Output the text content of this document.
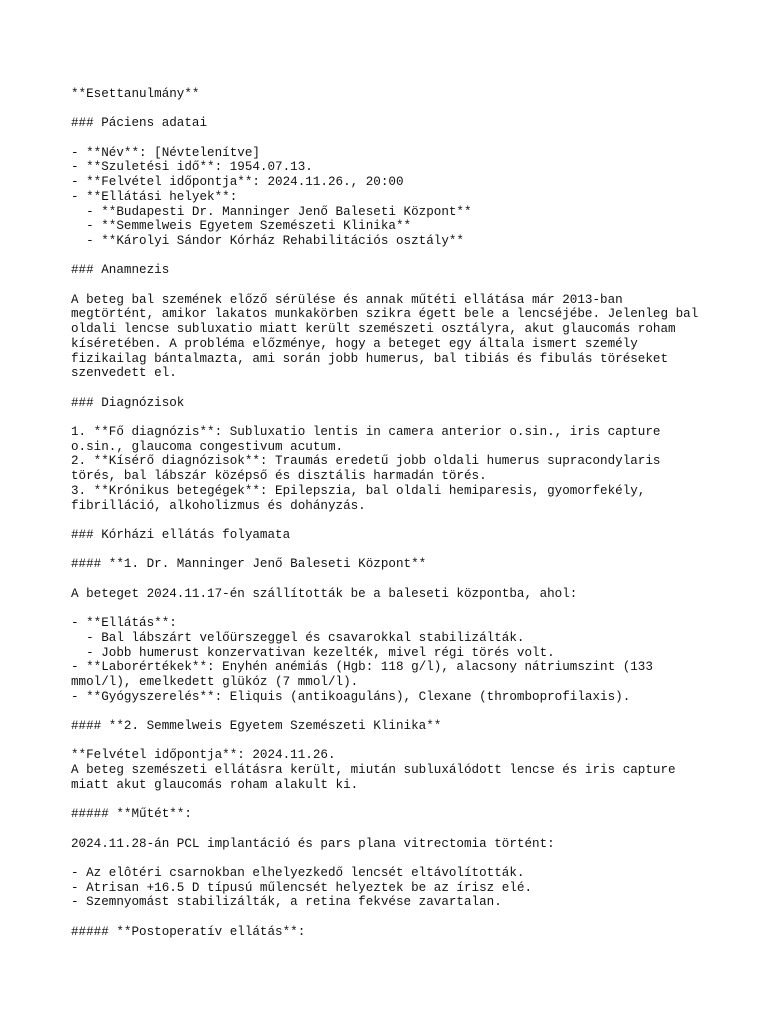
**Esettanulmány**
### Páciens adatai
- **Név**: [Névtelenítve]
- **Szuletési idő**: 1954.07.13.
- **Felvétel időpontja**: 2024.11.26., 20:00
- **Ellátási helyek**:
- **Budapesti Dr. Manninger Jenő Baleseti Központ**
- **Semmelweis Egyetem Szemészeti Klinika**
- **Károlyi Sándor Kórház Rehabilitációs osztály**
### Anamnezis
A beteg bal szemének előző sérülése és annak műtéti ellátása már 2013-ban
megtörtént, amikor lakatos munkakörben szikra égett bele a lencséjébe. Jelenleg bal
oldali lencse subluxatio miatt került szemészeti osztályra, akut glaucomás roham
kíséretében. A probléma előzménye, hogy a beteget egy általa ismert személy
fizikailag bántalmazta, ami során jobb humerus, bal tibiás és fibulás töréseket
szenvedett el.
### Diagnózisok
1. **Fő diagnózis**: Subluxatio lentis in camera anterior o.sin., iris capture
o.sin., glaucoma congestivum acutum.
2. **Kísérő diagnózisok**: Traumás eredetű jobb oldali humerus supracondylaris
törés, bal lábszár középső és disztális harmadán törés.
3. **Krónikus betegégek**: Epilepszia, bal oldali hemiparesis, gyomorfekély,
fibrilláció, alkoholizmus és dohányzás.
### Kórházi ellátás folyamata
#### **1. Dr. Manninger Jenő Baleseti Központ**
A beteget 2024.11.17-én szállították be a baleseti központba, ahol:
- **Ellátás**:
- Bal lábszárt velőürszeggel és csavarokkal stabilizálták.
- Jobb humerust konzervativan kezelték, mivel régi törés volt.
- **Laborértékek**: Enyhén anémiás (Hgb: 118 g/l), alacsony nátriumszint (133
mmol/l), emelkedett glükóz (7 mmol/l).
- **Gyógyszerelés**: Eliquis (antikoaguláns), Clexane (thromboprofilaxis).
#### **2. Semmelweis Egyetem Szemészeti Klinika**
**Felvétel időpontja**: 2024.11.26.
A beteg szemészeti ellátásra került, miután subluxálódott lencse és iris capture
miatt akut glaucomás roham alakult ki.
##### **Műtét**:
2024.11.28-án PCL implantáció és pars plana vitrectomia történt:
- Az elôtéri csarnokban elhelyezkedő lencsét eltávolították.
- Atrisan +16.5 D típusú műlencsét helyeztek be az írisz elé.
- Szemnyomást stabilizálták, a retina fekvése zavartalan.
##### **Postoperatív ellátás**:
